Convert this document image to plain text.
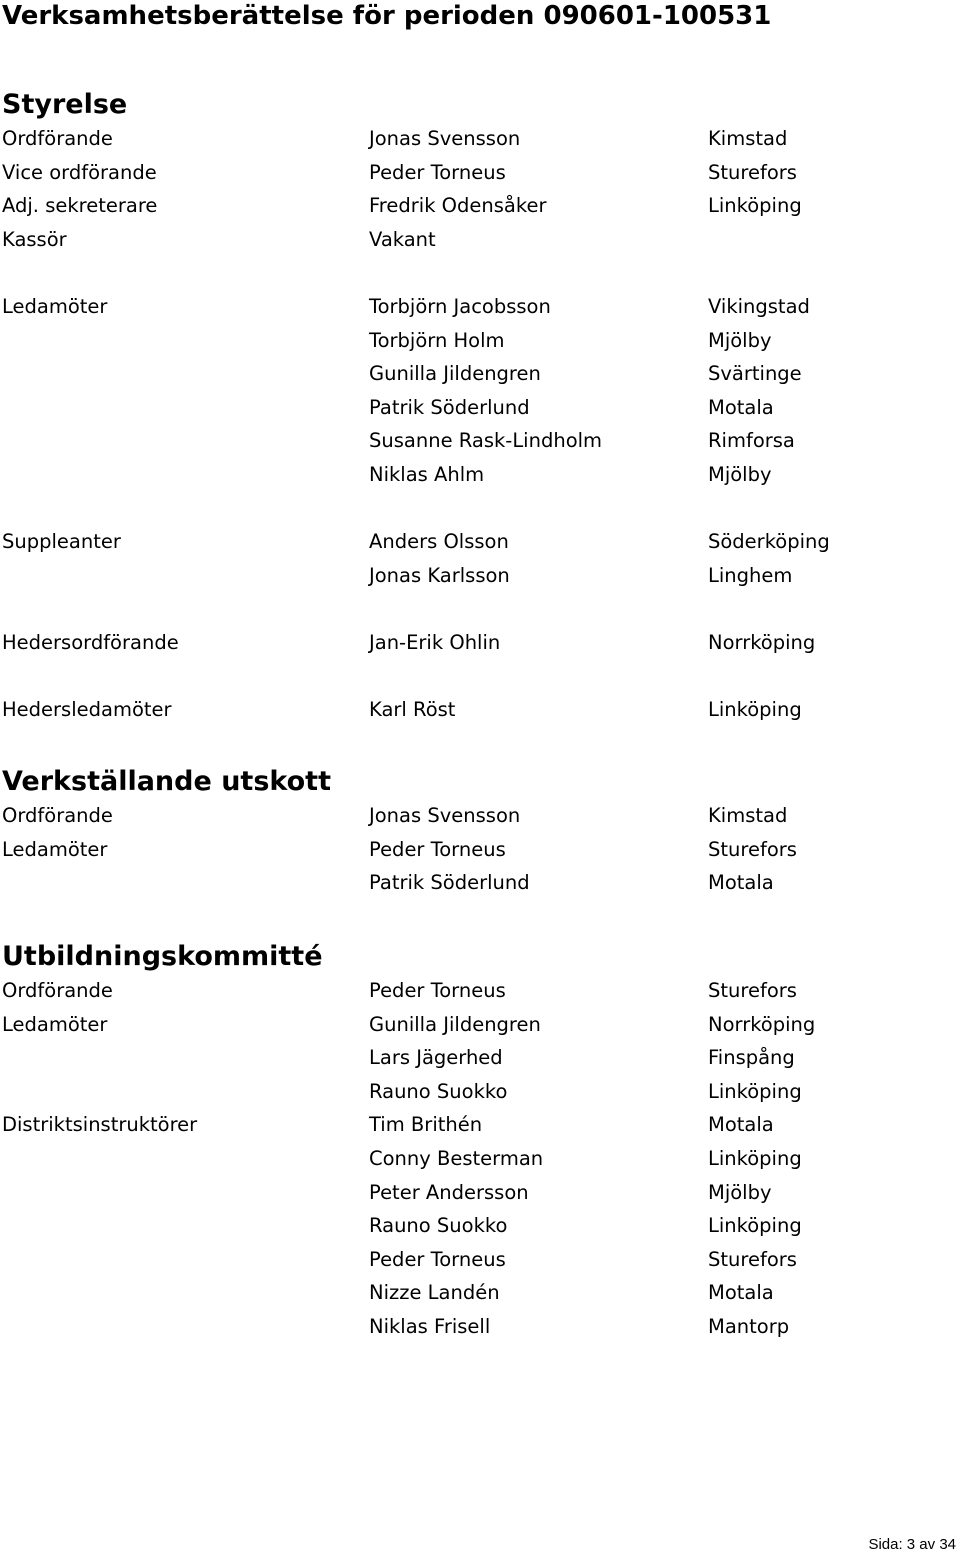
Verksamhetsberättelse för perioden 090601-100531
Styrelse
Ordförande	Jonas Svensson	Kimstad
Vice ordförande	Peder Torneus	Sturefors
Adj. sekreterare	Fredrik Odensåker	Linköping
Kassör	Vakant
Ledamöter	Torbjörn Jacobsson	Vikingstad
Torbjörn Holm	Mjölby
Gunilla Jildengren	Svärtinge
Patrik Söderlund	Motala
Susanne Rask-Lindholm	Rimforsa
Niklas Ahlm	Mjölby
Suppleanter	Anders Olsson	Söderköping
Jonas Karlsson	Linghem
Hedersordförande	Jan-Erik Ohlin	Norrköping
Hedersledamöter	Karl Röst	Linköping
Verkställande utskott
Ordförande	Jonas Svensson	Kimstad
Ledamöter	Peder Torneus	Sturefors
Patrik Söderlund	Motala
Utbildningskommitté
Ordförande	Peder Torneus	Sturefors
Ledamöter	Gunilla Jildengren	Norrköping
Lars Jägerhed	Finspång
Rauno Suokko	Linköping
Distriktsinstruktörer	Tim Brithén	Motala
Conny Besterman	Linköping
Peter Andersson	Mjölby
Rauno Suokko	Linköping
Peder Torneus	Sturefors
Nizze Landén	Motala
Niklas Frisell	Mantorp
Sida: 3 av 34
